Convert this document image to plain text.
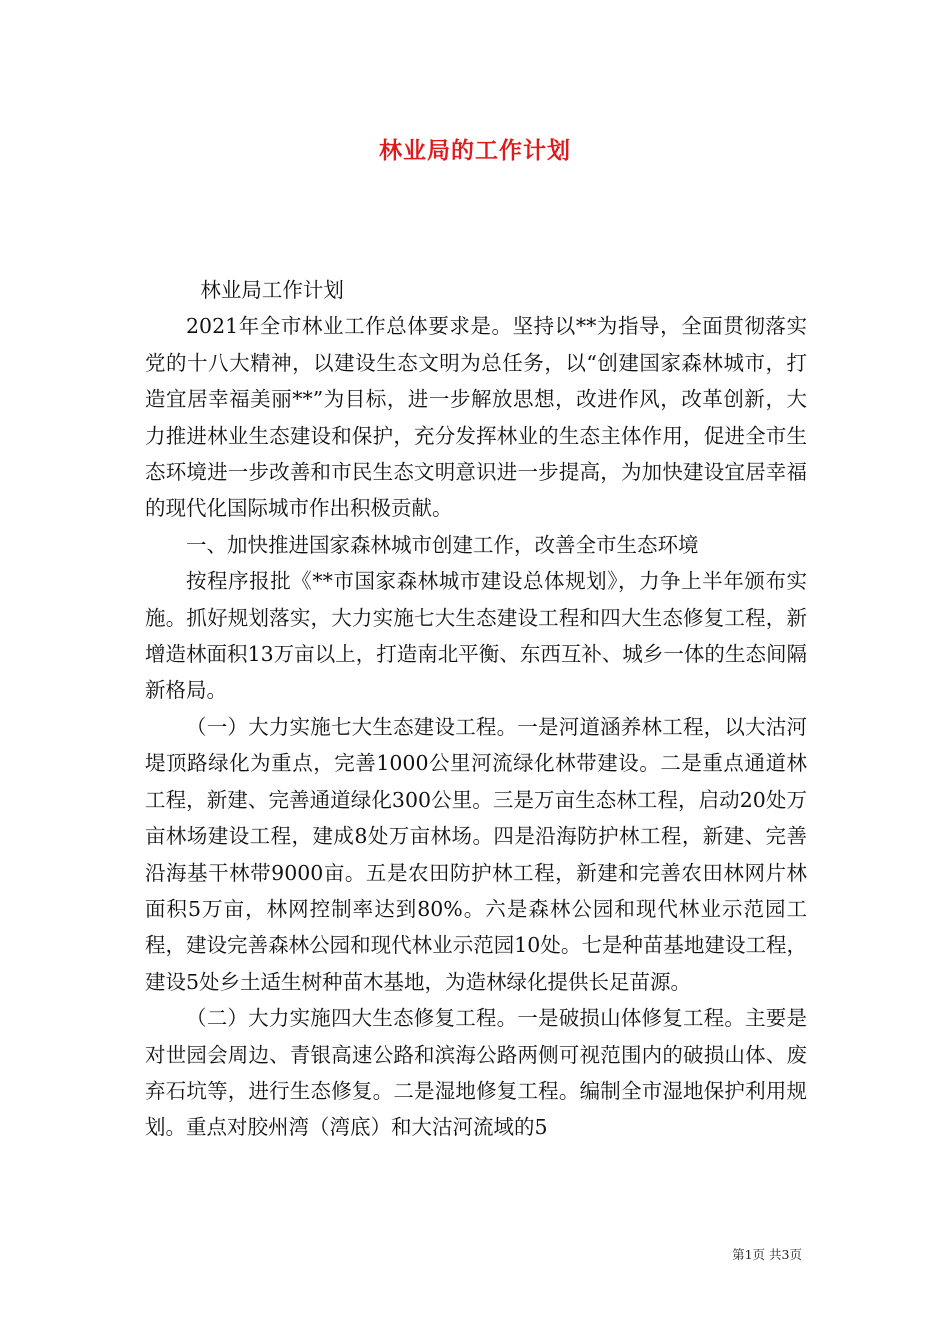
林业局的工作计划

林业局工作计划

2021年全市林业工作总体要求是。坚持以**为指导，全面贯彻落实党的十八大精神，以建设生态文明为总任务，以“创建国家森林城市，打造宜居幸福美丽**”为目标，进一步解放思想，改进作风，改革创新，大力推进林业生态建设和保护，充分发挥林业的生态主体作用，促进全市生态环境进一步改善和市民生态文明意识进一步提高，为加快建设宜居幸福的现代化国际城市作出积极贡献。

一、加快推进国家森林城市创建工作，改善全市生态环境

按程序报批《**市国家森林城市建设总体规划》，力争上半年颁布实施。抓好规划落实，大力实施七大生态建设工程和四大生态修复工程，新增造林面积13万亩以上，打造南北平衡、东西互补、城乡一体的生态间隔新格局。

（一）大力实施七大生态建设工程。一是河道涵养林工程，以大沽河堤顶路绿化为重点，完善1000公里河流绿化林带建设。二是重点通道林工程，新建、完善通道绿化300公里。三是万亩生态林工程，启动20处万亩林场建设工程，建成8处万亩林场。四是沿海防护林工程，新建、完善沿海基干林带9000亩。五是农田防护林工程，新建和完善农田林网片林面积5万亩，林网控制率达到80%。六是森林公园和现代林业示范园工程，建设完善森林公园和现代林业示范园10处。七是种苗基地建设工程，建设5处乡土适生树种苗木基地，为造林绿化提供长足苗源。

（二）大力实施四大生态修复工程。一是破损山体修复工程。主要是对世园会周边、青银高速公路和滨海公路两侧可视范围内的破损山体、废弃石坑等，进行生态修复。二是湿地修复工程。编制全市湿地保护利用规划。重点对胶州湾（湾底）和大沽河流域的5

第1页 共3页
